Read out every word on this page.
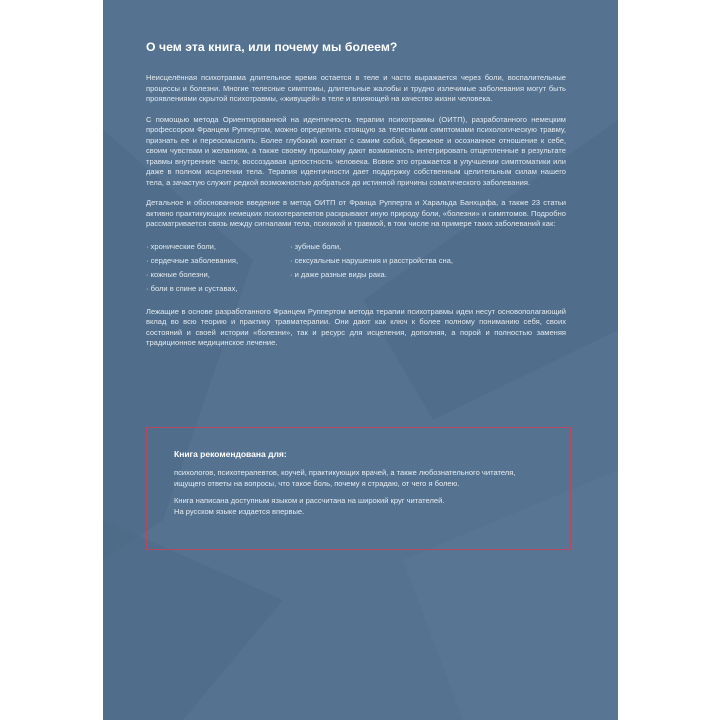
О чем эта книга, или почему мы болеем?

Неисцелённая психотравма длительное время остается в теле и часто выражается через боли, воспалительные процессы и болезни. Многие телесные симптомы, длительные жалобы и трудно излечимые заболевания могут быть проявлениями скрытой психотравмы, «живущей» в теле и влияющей на качество жизни человека.

С помощью метода Ориентированной на идентичность терапии психотравмы (ОИТП), разработанного немецким профессором Францем Руппертом, можно определить стоящую за телесными симптомами психологическую травму, признать ее и переосмыслить. Более глубокий контакт с самим собой, бережное и осознанное отношение к себе, своим чувствам и желаниям, а также своему прошлому дают возможность интегрировать отщепленные в результате травмы внутренние части, воссоздавая целостность человека. Вовне это отражается в улучшении симптоматики или даже в полном исцелении тела. Терапия идентичности дает поддержку собственным целительным силам нашего тела, а зачастую служит редкой возможностью добраться до истинной причины соматического заболевания.

Детальное и обоснованное введение в метод ОИТП от Франца Рупперта и Харальда Банхцафа, а также 23 статьи активно практикующих немецких психотерапевтов раскрывают иную природу боли, «болезни» и симптомов. Подробно рассматривается связь между сигналами тела, психикой и травмой, в том числе на примере таких заболеваний как:

· хронические боли,
· сердечные заболевания,
· кожные болезни,
· боли в спине и суставах,
· зубные боли,
· сексуальные нарушения и расстройства сна,
· и даже разные виды рака.

Лежащие в основе разработанного Францем Руппертом метода терапии психотравмы идеи несут основополагающий вклад во всю теорию и практику травматерапии. Они дают как ключ к более полному пониманию себя, своих состояний и своей истории «болезни», так и ресурс для исцеления, дополняя, а порой и полностью заменяя традиционное медицинское лечение.

Книга рекомендована для:

психологов, психотерапевтов, коучей, практикующих врачей, а также любознательного читателя,

ищущего ответы на вопросы, что такое боль, почему я страдаю, от чего я болею.

Книга написана доступным языком и рассчитана на широкий круг читателей.

На русском языке издается впервые.
